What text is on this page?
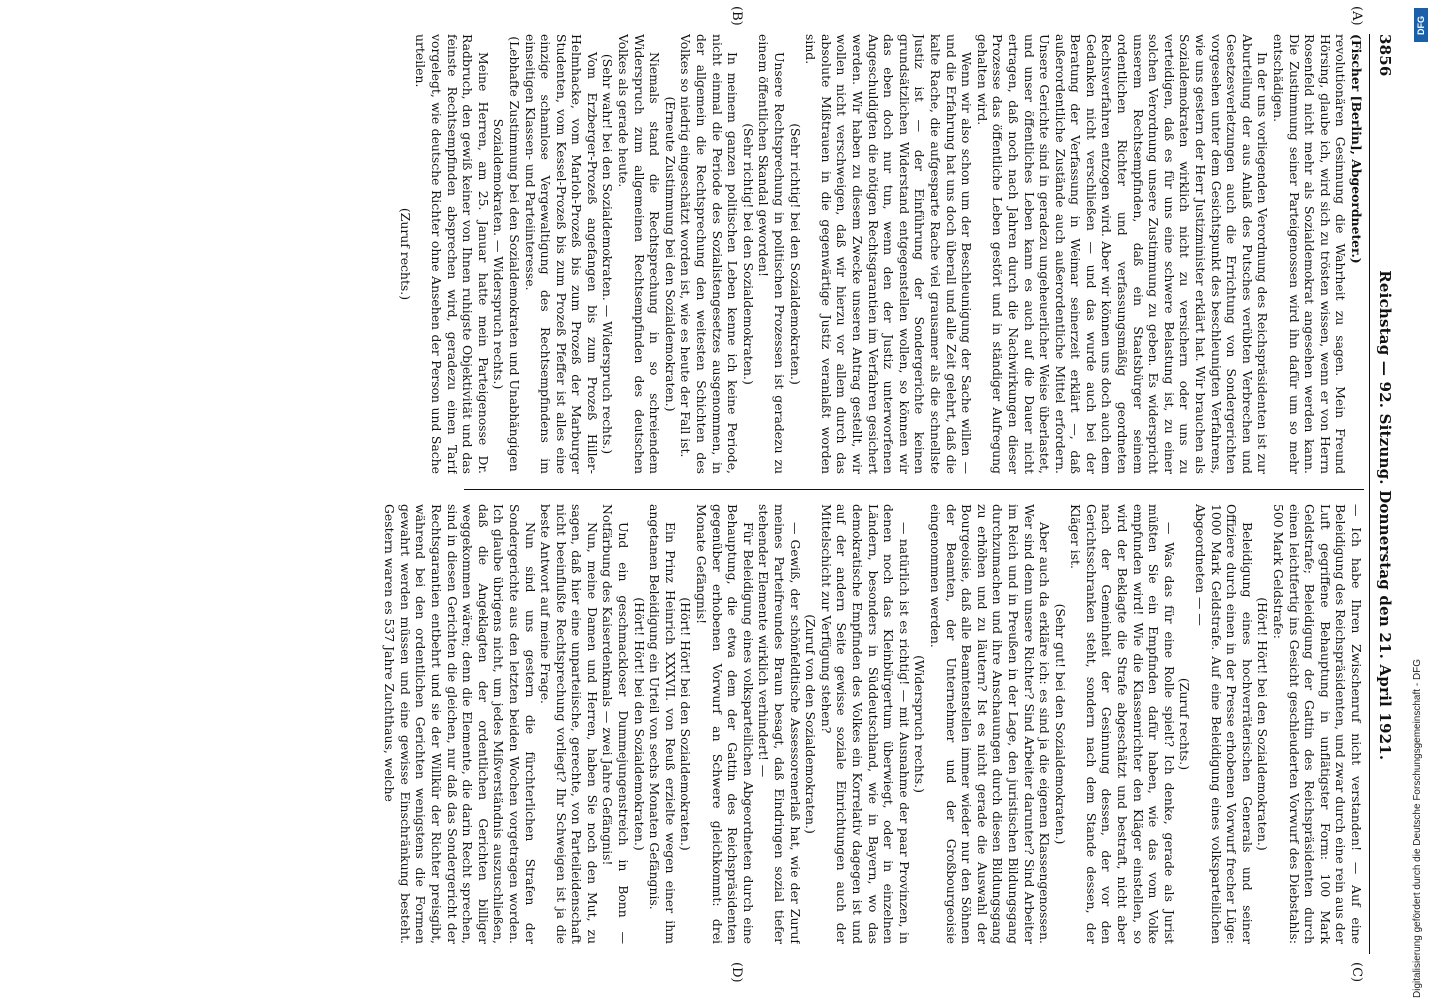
3856
Reichstag — 92. Sitzung. Donnerstag den 21. April 1921.
(A)
(B)
(C)
(D)

(Fischer [Berlin], Abgeordneter.)

revolutionären Gesinnung die Wahrheit zu sagen. Mein Freund Hörsing, glaube ich, wird sich zu trösten wissen, wenn er von Herrn Rosenfeld nicht mehr als Sozialdemokrat angesehen werden kann. Die Zustimmung seiner Parteigenossen wird ihn dafür um so mehr entschädigen.

In der uns vorliegenden Verordnung des Reichspräsidenten ist zur Aburteilung der aus Anlaß des Putsches verübten Verbrechen und Gesetzesverletzungen auch die Errichtung von Sondergerichten vorgesehen unter dem Gesichtspunkt des beschleunigten Verfahrens, wie uns gestern der Herr Justizminister erklärt hat. Wir brauchen als Sozialdemokraten wirklich nicht zu versichern oder uns zu verteidigen, daß es für uns eine schwere Belastung ist, zu einer solchen Verordnung unsere Zustimmung zu geben. Es widerspricht unserem Rechtsempfinden, daß ein Staatsbürger seinem ordentlichen Richter und verfassungsmäßig geordneten Rechtsverfahren entzogen wird. Aber wir können uns doch auch dem Gedanken nicht verschließen — und das wurde auch bei der Beratung der Verfassung in Weimar seinerzeit erklärt —, daß außerordentliche Zustände auch außerordentliche Mittel erfordern. Unsere Gerichte sind in geradezu ungeheuerlicher Weise überlastet, und unser öffentliches Leben kann es auch auf die Dauer nicht ertragen, daß noch nach Jahren durch die Nachwirkungen dieser Prozesse das öffentliche Leben gestört und in ständiger Aufregung gehalten wird.

Wenn wir also schon um der Beschleunigung der Sache willen — und die Erfahrung hat uns doch überall und alle Zeit gelehrt, daß die kalte Rache, die aufgesparte Rache viel grausamer als die schnellste Justiz ist — der Einführung der Sondergerichte keinen grundsätzlichen Widerstand entgegenstellen wollen, so können wir das eben doch nur tun, wenn den der Justiz unterworfenen Angeschuldigten die nötigen Rechtsgarantien im Verfahren gesichert werden. Wir haben zu diesem Zwecke unseren Antrag gestellt, wir wollen nicht verschweigen, daß wir hierzu vor allem durch das absolute Mißtrauen in die gegenwärtige Justiz veranlaßt worden sind.

(Sehr richtig! bei den Sozialdemokraten.)

Unsere Rechtsprechung in politischen Prozessen ist geradezu zu einem öffentlichen Skandal geworden!

(Sehr richtig! bei den Sozialdemokraten.)

In meinem ganzen politischen Leben kenne ich keine Periode, nicht einmal die Periode des Sozialistengesetzes ausgenommen, in der allgemein die Rechtsprechung den weitesten Schichten des Volkes so niedrig eingeschätzt worden ist, wie es heute der Fall ist.

(Erneute Zustimmung bei den Sozialdemokraten.)

Niemals stand die Rechtsprechung in so schreiendem Widerspruch zum allgemeinen Rechtsempfinden des deutschen Volkes als gerade heute.

(Sehr wahr! bei den Sozialdemokraten. — Widerspruch rechts.)

Vom Erzberger-Prozeß angefangen bis zum Prozeß Hiller-Helmhacke, vom Marloh-Prozeß bis zum Prozeß der Marburger Studenten, vom Kessel-Prozeß bis zum Prozeß Pfeffer ist alles eine einzige schamlose Vergewaltigung des Rechtsempfindens im einseitigen Klassen- und Parteiinteresse.

(Lebhafte Zustimmung bei den Sozialdemokraten und Unabhängigen Sozialdemokraten. — Widerspruch rechts.)

Meine Herren, am 25. Januar hatte mein Parteigenosse Dr. Radbruch, den gewiß keiner von Ihnen ruhigste Objektivität und das feinste Rechtsempfinden absprechen wird, geradezu einen Tarif vorgelegt, wie deutsche Richter ohne Ansehen der Person und Sache urteilen.

(Zuruf rechts.)

— Ich habe Ihren Zwischenruf nicht verstanden! — Auf eine Beleidigung des Reichspräsidenten, und zwar durch eine rein aus der Luft gegriffene Behauptung in unflätigster Form: 100 Mark Geldstrafe; Beleidigung der Gattin des Reichspräsidenten durch einen leichtfertig ins Gesicht geschleuderten Vorwurf des Diebstahls: 500 Mark Geldstrafe:

(Hört! Hört! bei den Sozialdemokraten.)

Beleidigung eines hochverräterischen Generals und seiner Offiziere durch einen in der Presse erhobenen Vorwurf frecher Lüge: 1000 Mark Geldstrafe. Auf eine Beleidigung eines volksparteilichen Abgeordneten — —

(Zuruf rechts.)

— Was das für eine Rolle spielt? Ich denke, gerade als Jurist müßten Sie ein Empfinden dafür haben, wie das vom Volke empfunden wird! Wie die Klassenrichter den Kläger einstellen, so wird der Beklagte die Strafe abgeschätzt und bestraft, nicht aber nach der Gemeinheit der Gesinnung dessen, der vor den Gerichtsschranken steht, sondern nach dem Stande dessen, der Kläger ist.

(Sehr gut! bei den Sozialdemokraten.)

Aber auch da erkläre ich: es sind ja die eigenen Klassengenossen. Wer sind denn unsere Richter? Sind Arbeiter darunter? Sind Arbeiter im Reich und in Preußen in der Lage, den juristischen Bildungsgang durchzumachen und ihre Anschauungen durch diesen Bildungsgang zu erhöhen und zu läutern? Ist es nicht gerade die Auswahl der Bourgeoisie, daß alle Beamtenstellen immer wieder nur den Söhnen der Beamten, der Unternehmer und der Großbourgeoisie eingenommen werden.

(Widerspruch rechts.)

— natürlich ist es richtig! — mit Ausnahme der paar Provinzen, in denen noch das Kleinbürgertum überwiegt, oder in einzelnen Ländern, besonders in Süddeutschland, wie in Bayern, wo das demokratische Empfinden des Volkes ein Korrelativ dagegen ist und auf der andern Seite gewisse soziale Einrichtungen auch der Mittelschicht zur Verfügung stehen?

(Zuruf von den Sozialdemokraten.)

— Gewiß, der schönfeldtische Assessorenerlaß hat, wie der Zuruf meines Parteifreundes Braun besagt, daß Eindringen sozial tiefer stehender Elemente wirklich verhindert! —

Für Beleidigung eines volksparteilichen Abgeordneten durch eine Behauptung, die etwa dem der Gattin des Reichspräsidenten gegenüber erhobenen Vorwurf an Schwere gleichkommt: drei Monate Gefängnis!

(Hört! Hört! bei den Sozialdemokraten.)

Ein Prinz Heinrich XXXVII. von Reuß erzielte wegen einer ihm angetanen Beleidigung ein Urteil von sechs Monaten Gefängnis.

(Hört! Hört! bei den Sozialdemokraten.)

Und ein geschmackloser Dummejungenstreich in Bonn — Notfärbung des Kaiserdenkmals — zwei Jahre Gefängnis!

Nun, meine Damen und Herren, haben Sie noch den Mut, zu sagen, daß hier eine unparteiische, gerechte, von Parteileidenschaft nicht beeinflußte Rechtsprechung vorliegt? Ihr Schweigen ist ja die beste Antwort auf meine Frage.

Nun sind uns gestern die fürchterlichen Strafen der Sondergerichte aus den letzten beiden Wochen vorgetragen worden. Ich glaube übrigens nicht, um jedes Mißverständnis auszuschließen, daß die Angeklagten der ordentlichen Gerichten billiger weggekommen wären; denn die Elemente, die darin Recht sprechen, sind in diesen Gerichten die gleichen, nur daß das Sondergericht der Rechtsgarantien entbehrt und sie der Willkür der Richter preisgibt, während bei den ordentlichen Gerichten wenigstens die Formen gewahrt werden müssen und eine gewisse Einschränkung besteht. Gestern waren es 537 Jahre Zuchthaus, welche

DFG
Digitalisierung gefördert durch die Deutsche Forschungsgemeinschaft - DFG
